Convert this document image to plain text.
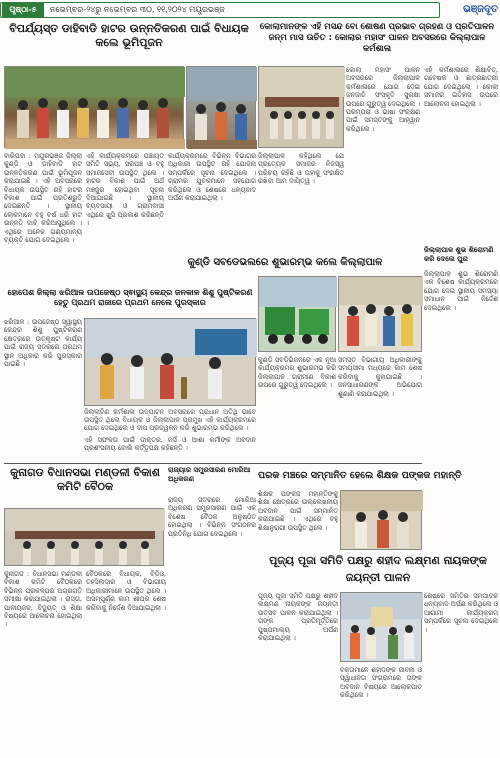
ପୃଷ୍ଠା-୫	ନଭେମ୍ବର-୨୪ରୁ ନଭେମ୍ବର ୩୦, ୧୧,୨୦୨୪ ମୟୂରଭଞ୍ଜ	ଭଞ୍ଜଦୂତ
ବିପର୍ଯ୍ୟସ୍ତ ଡାହିବାଡି ହାଟର ଉନ୍ନତିକରଣ ପାଇଁ ବିଧାୟକ କଲେ ଭୂମିପୂଜନ
କୋଲାମାନଙ୍କ ଏହି ମସନ୍ଦ ବୋ ଶୋଷଣ ପ୍ରଭାବ ଗ୍ରହଣ ଓ ପ୍ରତିପାଳନ ଜନ୍ମ ମାସ ଉଚିତ : କୋଲାର ମହାସଂ ପାଳନ ଅବସରରେ କିଲ୍ଲାପାଳ କର୍ମଶାଳା
କୋଲା ମହାସଂ ପାଳନ ଅବସରରେ ଜିଲ୍ଲାପାଳ କର୍ମଶାଳାରେ ଯୋଗ ଦେଇ ଜନଜାତି ସଂସ୍କୃତି ସୁରକ୍ଷା ଉପରେ ଗୁରୁତ୍ୱ ଦେଇଥିଲେ । ପରମ୍ପରା ଓ ଭାଷା ସଂରକ୍ଷଣ ପାଇଁ ସମସ୍ତଙ୍କୁ ଆହ୍ୱାନ କରିଥିଲେ ।
ଏହି କର୍ମଶାଳାରେ ଶିକ୍ଷାବିତ୍, ଗବେଷକ ଓ ଛାତ୍ରଛାତ୍ରୀ ଯୋଗ ଦେଇଥିଲେ । କୋଲା ସମାଜର ଇତିହାସ ଉପରେ ଆଲୋଚନା ହୋଇଥିଲା ।
ବାରିପଦା : ମୟୂରଭଞ୍ଜ ଜିଲ୍ଲା କୁଣ୍ଡି ଓ ଡାହିବାଡି ହାଟ ଉନ୍ନତିକରଣ ପାଇଁ ଭୂମିପୂଜନ କରାଯାଇଛି । ଏହି ଅବସରରେ ବିଧାୟକ ଉପସ୍ଥିତ ରହି ହାଟର ବିକାଶ ପାଇଁ ପ୍ରତିଶ୍ରୁତି ଦେଇଛନ୍ତି । ସ୍ଥାନୀୟ ଲୋକମାନେ ବହୁ ବର୍ଷ ଧରି ହାଟ ଉନ୍ନତି ଦାବି କରିଆସୁଥିଲେ । ଏଥିରେ ଅନେକ ଗଣ୍ୟମାନ୍ୟ ବ୍ୟକ୍ତି ଯୋଗ ଦେଇଥିଲେ ।
ଏହି କାର୍ଯ୍ୟକ୍ରମରେ ପଞ୍ଚାୟତ ସମିତି ସଭ୍ୟ, ସରପଞ୍ଚ ଓ ବହୁ ସମାଜସେବୀ ଉପସ୍ଥିତ ଥିଲେ । ହାଟର ବିକାଶ ପାଇଁ ଅର୍ଥ ମଞ୍ଜୁର ହୋଇଥିବା ସୂଚନା ଦିଆଯାଇଛି । ସ୍ଥାନୀୟ ବ୍ୟବସାୟୀ ଓ ଗ୍ରାମବାସୀ ଏଥିରେ ଖୁସି ପ୍ରକାଶ କରିଛନ୍ତି ।
କାର୍ଯ୍ୟକ୍ରମରେ ବିଭିନ୍ନ ବିଭାଗର ଅଧିକାରୀ ଉପସ୍ଥିତ ରହି ଯୋଜନା ସମ୍ପର୍କରେ ସୂଚନା ଦେଇଥିଲେ । ଗ୍ରାମର ଯୁବକମାନେ ସହଯୋଗ କରିଥିଲେ ଓ ଶେଷରେ ଧନ୍ୟବାଦ ଅର୍ପଣ କରାଯାଇଥିଲା ।
ଜିଲ୍ଲାପାଳ କହିଥିଲେ ଯେ ପ୍ରତ୍ୟେକ ସମାଜର ନିଜସ୍ୱ ପରିଚୟ ରହିଛି ଓ ତାହାକୁ ସଂରକ୍ଷିତ ରଖିବା ଆମ ଦାୟିତ୍ୱ ।
କୁଣ୍ଡି ସବଡେଭଲରେ ଶୁଭାରମ୍ଭ କଲେ କିଲ୍ଲାପାଳ
ଜିଲ୍ଲାପାଳ ଶୁଭ ଶିରୋମଣି କରି ଦେଲେ ପୁର
ଜିଲ୍ଲାପାଳ ଶୁଭ ଶିରୋମଣି ଏକ ବିଶେଷ କାର୍ଯ୍ୟକ୍ରମରେ ଯୋଗ ଦେଇ ସ୍ଥାନୀୟ ସମସ୍ୟା ସମାଧାନ ପାଇଁ ନିର୍ଦ୍ଦେଶ ଦେଇଥିଲେ ।
ହୋପେଶ ଜିଲ୍ଲା ଝରିଆଳ ଉପଜେଷ୍ଠ ସ୍ଵାସ୍ଥ୍ୟ କେନ୍ଦ୍ର ଜନକାଳ ଶିଶୁ ପୁଷ୍ଟିକରଣ ହେତୁ ପ୍ରଥମ ରାଜାରେ ପ୍ରଥମ ନେଲେ ପୁରସ୍କାର
ଝରିଆଳ : ଉପଜେଷ୍ଠ ସ୍ୱାସ୍ଥ୍ୟ କେନ୍ଦ୍ର ଶିଶୁ ପୁଷ୍ଟିକରଣ କ୍ଷେତ୍ରରେ ଉତ୍କୃଷ୍ଟ କାର୍ଯ୍ୟ ପାଇଁ ରାଜ୍ୟ ସ୍ତରରେ ପ୍ରଥମ ସ୍ଥାନ ଅଧିକାର କରି ପୁରସ୍କାର ପାଇଛି ।
ଜିଲ୍ଲାଟିଣ କର୍ମଶାଳା ଉଦ୍‌ଘାଟନ ଅବସରରେ ପ୍ରଧାନ ଅତିଥି ଭାବେ ଉପସ୍ଥିତ ଥିଲେ ବିଧାୟକ ଓ ଜିଲ୍ଲାପାଳ ପ୍ରମୁଖ ଏହି କାର୍ଯ୍ୟକ୍ରମରେ ଯୋଗ ଦେଇଥିଲେ ଓ ଦୀପ ପ୍ରଜ୍ୱଳନ କରି ଶୁଭାରମ୍ଭ କରିଥିଲେ ।
କୁଣ୍ଡି ସବଡିଭିଜନରେ ଏକ ନୂଆ କାର୍ଯ୍ୟକ୍ରମର ଶୁଭାରମ୍ଭ କରି ଜିଲ୍ଲାପାଳ ଗ୍ରାମୀଣ ବିକାଶ ଉପରେ ଗୁରୁତ୍ୱ ଦେଇଥିଲେ ।
ସମସ୍ତ ବିଭାଗୀୟ ଅଧିକାରୀଙ୍କୁ ସମୟସୀମା ମଧ୍ୟରେ କାମ ଶେଷ କରିବାକୁ କୁହାଯାଇଛି । ଜନସାଧାରଣଙ୍କ ଅଭିଯୋଗ ଶୁଣାଣି କରାଯାଇଥିଲା ।
ଏହି ସଫଳତା ପାଇଁ ଡାକ୍ତର, ନର୍ସ ଓ ଆଶା କର୍ମୀଙ୍କ ଅବଦାନ ପ୍ରଶଂସନୀୟ ବୋଲି କର୍ତ୍ତୃପକ୍ଷ କହିଛନ୍ତି ।
କୁନାଗଡ ବିଧାନସଭା ମଣ୍ଡଳୀ ବିକାଶ କମିଟି ବୈଠକ
ରାଜ୍ୟାର ସମ୍ପ୍ରସାରଣ ମୋରିଆ ଅଧିକରଣ	ପରକ ମଞ୍ଚରେ ସମ୍ମାନିତ ହେଲେ ଶିକ୍ଷକ ପଙ୍କଜ ମହାନ୍ତି
କୁନାଗଡ : ବିଧାନସଭା ମଣ୍ଡଳୀ ବିକାଶ କମିଟି ବୈଠକରେ ବିଭିନ୍ନ ପ୍ରକଳ୍ପର ଅଗ୍ରଗତି ସମୀକ୍ଷା କରାଯାଇଥିଲା । ରାସ୍ତା, ପାନୀୟଜଳ, ବିଦ୍ୟୁତ୍ ଓ ଶିକ୍ଷା ବିଷୟରେ ଆଲୋଚନା ହୋଇଥିଲା ।
ବୈଠକରେ ବିଧାୟକ, ବିଡିଓ, ତହସିଲଦାର ଓ ବିଭାଗୀୟ ଅଧିକାରୀମାନେ ଉପସ୍ଥିତ ଥିଲେ । ଅସମ୍ପୂର୍ଣ୍ଣ କାମ ଶୀଘ୍ର ଶେଷ କରିବାକୁ ନିର୍ଦ୍ଦେଶ ଦିଆଯାଇଥିଲା ।
ରାଜ୍ୟ ସ୍ତରରେ ମୋରିଆ ଅଧିକରଣ ସମ୍ପ୍ରସାରଣ ପାଇଁ ଏକ ବିଶେଷ ବୈଠକ ଅନୁଷ୍ଠିତ ହୋଇଥିଲା । ବିଭିନ୍ନ ସଂଗଠନର ପ୍ରତିନିଧି ଯୋଗ ଦେଇଥିଲେ ।
ଶିକ୍ଷକ ପଙ୍କଜ ମହାନ୍ତିଙ୍କୁ ଶିକ୍ଷା କ୍ଷେତ୍ରରେ ଉଲ୍ଲେଖନୀୟ ଅବଦାନ ପାଇଁ ସମ୍ମାନିତ କରାଯାଇଛି । ଏଥିରେ ବହୁ ଶିକ୍ଷାନୁରାଗୀ ଉପସ୍ଥିତ ଥିଲେ ।
ପୂଜ୍ୟ ପୂଜା ସମିତି ପକ୍ଷରୁ ଶହୀଦ ଲକ୍ଷ୍ମଣ ନାୟକଙ୍କ ଜୟନ୍ତୀ ପାଳନ
ପୂଜ୍ୟ ପୂଜା ସମିତି ପକ୍ଷରୁ ଶହୀଦ ଲକ୍ଷ୍ମଣ ନାୟକଙ୍କ ଜୟନ୍ତୀ ଉତ୍ସବ ପାଳନ କରାଯାଇଥିଲା । ତାଙ୍କ ପ୍ରତିମୂର୍ତ୍ତିରେ ପୁଷ୍ପମାଲ୍ୟ ଅର୍ପଣ କରାଯାଇଥିଲା ।
ବକ୍ତାମାନେ ଶହୀଦଙ୍କ ଜୀବନୀ ଓ ସ୍ୱାଧୀନତା ସଂଗ୍ରାମରେ ତାଙ୍କ ଅବଦାନ ବିଷୟରେ ଆଲୋକପାତ କରିଥିଲେ ।
ଶେଷରେ ସମିତିର ସମ୍ପାଦକ ଧନ୍ୟବାଦ ଅର୍ପଣ କରିଥିଲେ ଓ ଆଗାମୀ କାର୍ଯ୍ୟକ୍ରମ ସମ୍ପର୍କରେ ସୂଚନା ଦେଇଥିଲେ ।
